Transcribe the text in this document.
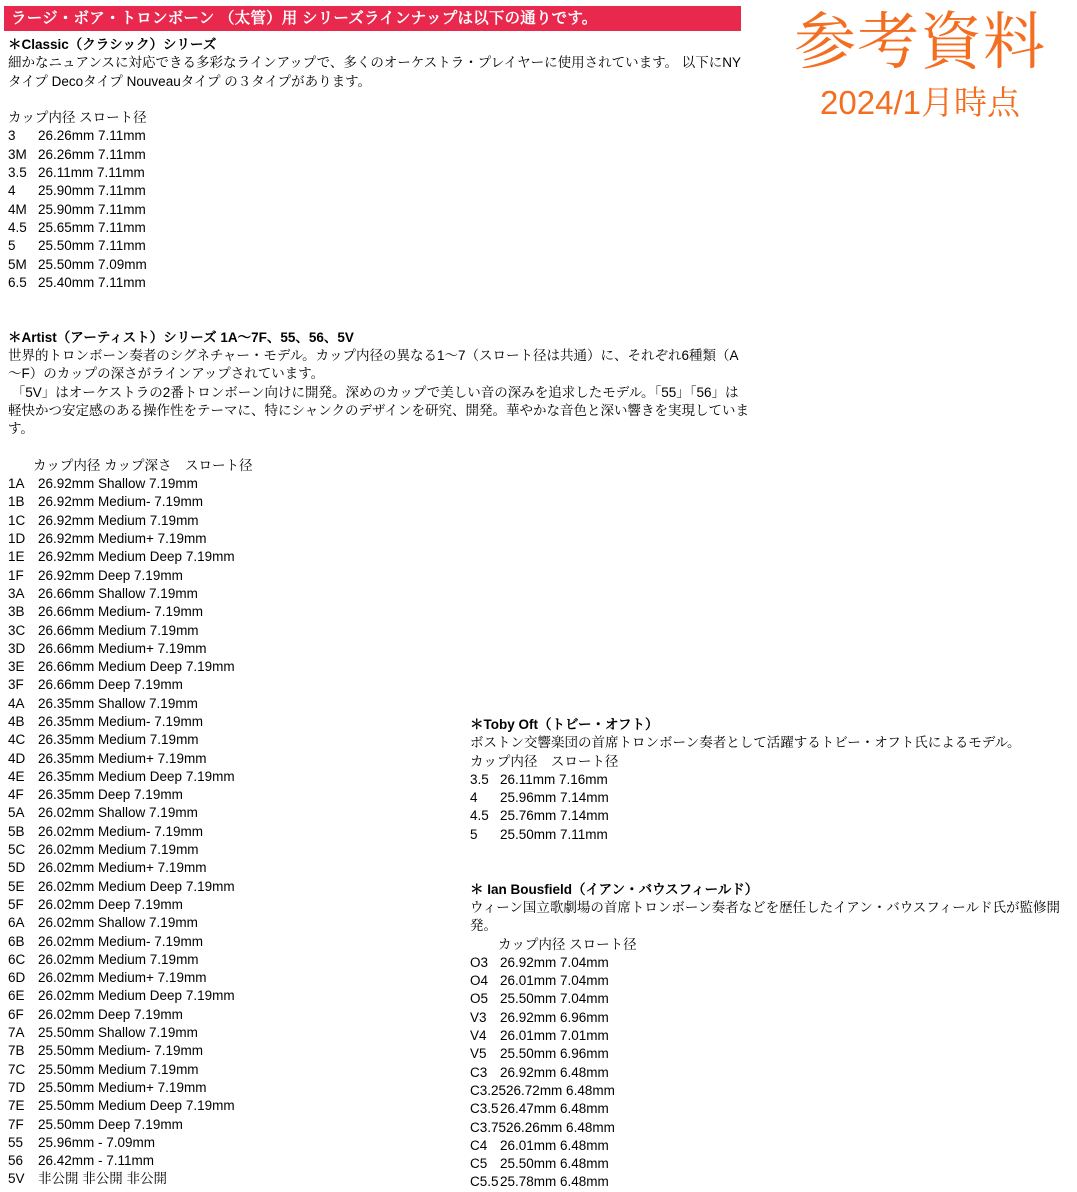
ラージ・ボア・トロンボーン （太管）用 シリーズラインナップは以下の通りです。	参考資料
2024/1月時点
＊Classic（クラシック）シリーズ

細かなニュアンスに対応できる多彩なラインアップで、多くのオーケストラ・プレイヤーに使用されています。 以下にNYタイプ Decoタイプ Nouveauタイプ の３タイプがあります。

カップ内径 スロート径
3 26.26mm 7.11mm
3M 26.26mm 7.11mm
3.5 26.11mm 7.11mm
4 25.90mm 7.11mm
4M 25.90mm 7.11mm
4.5 25.65mm 7.11mm
5 25.50mm 7.11mm
5M 25.50mm 7.09mm
6.5 25.40mm 7.11mm
＊Artist（アーティスト）シリーズ 1A～7F、55、56、5V

世界的トロンボーン奏者のシグネチャー・モデル。カップ内径の異なる1～7（スロート径は共通）に、それぞれ6種類（A～F）のカップの深さがラインアップされています。

「5V」はオーケストラの2番トロンボーン向けに開発。深めのカップで美しい音の深みを追求したモデル。「55」「56」は軽快かつ安定感のある操作性をテーマに、特にシャンクのデザインを研究、開発。華やかな音色と深い響きを実現しています。

カップ内径 カップ深さ　スロート径
1A 26.92mm Shallow 7.19mm
1B 26.92mm Medium- 7.19mm
1C 26.92mm Medium 7.19mm
1D 26.92mm Medium+ 7.19mm
1E 26.92mm Medium Deep 7.19mm
1F 26.92mm Deep 7.19mm
3A 26.66mm Shallow 7.19mm
3B 26.66mm Medium- 7.19mm
3C 26.66mm Medium 7.19mm
3D 26.66mm Medium+ 7.19mm
3E 26.66mm Medium Deep 7.19mm
3F 26.66mm Deep 7.19mm
4A 26.35mm Shallow 7.19mm
4B 26.35mm Medium- 7.19mm
4C 26.35mm Medium 7.19mm
4D 26.35mm Medium+ 7.19mm
4E 26.35mm Medium Deep 7.19mm
4F 26.35mm Deep 7.19mm
5A 26.02mm Shallow 7.19mm
5B 26.02mm Medium- 7.19mm
5C 26.02mm Medium 7.19mm
5D 26.02mm Medium+ 7.19mm
5E 26.02mm Medium Deep 7.19mm
5F 26.02mm Deep 7.19mm
6A 26.02mm Shallow 7.19mm
6B 26.02mm Medium- 7.19mm
6C 26.02mm Medium 7.19mm
6D 26.02mm Medium+ 7.19mm
6E 26.02mm Medium Deep 7.19mm
6F 26.02mm Deep 7.19mm
7A 25.50mm Shallow 7.19mm
7B 25.50mm Medium- 7.19mm
7C 25.50mm Medium 7.19mm
7D 25.50mm Medium+ 7.19mm
7E 25.50mm Medium Deep 7.19mm
7F 25.50mm Deep 7.19mm
55 25.96mm - 7.09mm
56 26.42mm - 7.11mm
5V 非公開 非公開 非公開
＊Toby Oft（トビー・オフト）

ボストン交響楽団の首席トロンボーン奏者として活躍するトビー・オフト氏によるモデル。

カップ内径　スロート径
3.5 26.11mm 7.16mm
4 25.96mm 7.14mm
4.5 25.76mm 7.14mm
5 25.50mm 7.11mm
＊ Ian Bousfield（イアン・バウスフィールド）

ウィーン国立歌劇場の首席トロンボーン奏者などを歴任したイアン・バウスフィールド氏が監修開発。

カップ内径 スロート径
O3 26.92mm 7.04mm
O4 26.01mm 7.04mm
O5 25.50mm 7.04mm
V3 26.92mm 6.96mm
V4 26.01mm 7.01mm
V5 25.50mm 6.96mm
C3 26.92mm 6.48mm
C3.2526.72mm 6.48mm
C3.526.47mm 6.48mm
C3.7526.26mm 6.48mm
C4 26.01mm 6.48mm
C5 25.50mm 6.48mm
C5.525.78mm 6.48mm
